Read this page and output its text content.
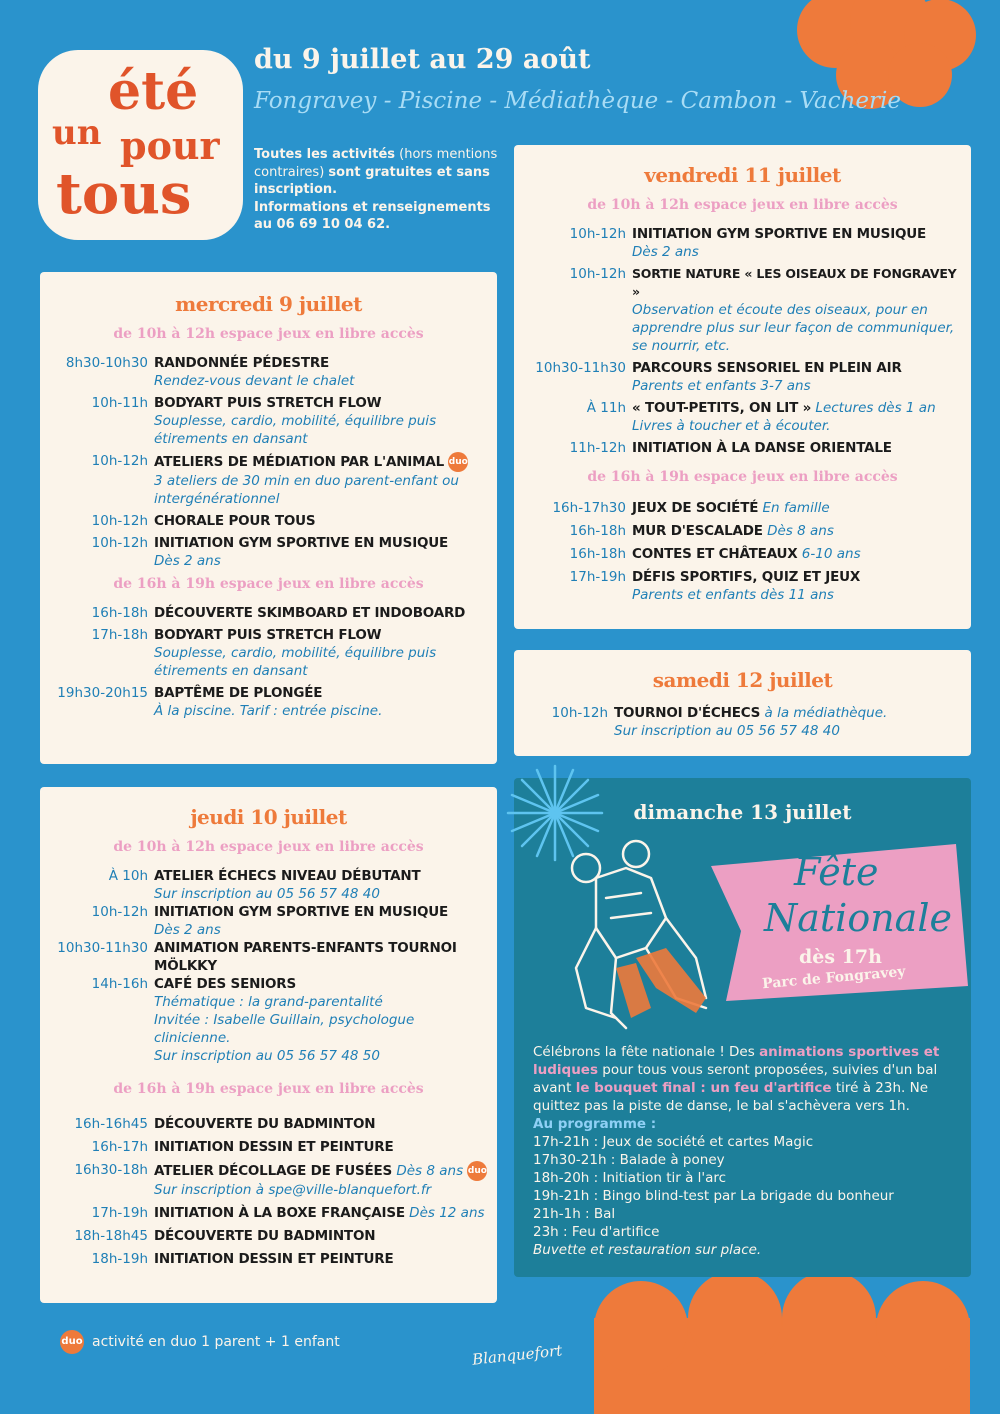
été
un pour
tous
du 9 juillet au 29 août
Fongravey - Piscine - Médiathèque - Cambon - Vacherie
Toutes les activités (hors mentions contraires) sont gratuites et sans inscription.
Informations et renseignements au 06 69 10 04 62.
mercredi 9 juillet
de 10h à 12h espace jeux en libre accès
8h30-10h30 RANDONNÉE PÉDESTRE
Rendez-vous devant le chalet
10h-11h BODYART PUIS STRETCH FLOW
Souplesse, cardio, mobilité, équilibre puis étirements en dansant
10h-12h ATELIERS DE MÉDIATION PAR L'ANIMAL duo
3 ateliers de 30 min en duo parent-enfant ou intergénérationnel
10h-12h CHORALE POUR TOUS
10h-12h INITIATION GYM SPORTIVE EN MUSIQUE
Dès 2 ans
de 16h à 19h espace jeux en libre accès
16h-18h DÉCOUVERTE SKIMBOARD ET INDOBOARD
17h-18h BODYART PUIS STRETCH FLOW
Souplesse, cardio, mobilité, équilibre puis étirements en dansant
19h30-20h15 BAPTÊME DE PLONGÉE
À la piscine. Tarif : entrée piscine.
jeudi 10 juillet
de 10h à 12h espace jeux en libre accès
À 10h ATELIER ÉCHECS NIVEAU DÉBUTANT
Sur inscription au 05 56 57 48 40
10h-12h INITIATION GYM SPORTIVE EN MUSIQUE
Dès 2 ans
10h30-11h30 ANIMATION PARENTS-ENFANTS TOURNOI MÖLKKY
14h-16h CAFÉ DES SENIORS
Thématique : la grand-parentalité
Invitée : Isabelle Guillain, psychologue clinicienne.
Sur inscription au 05 56 57 48 50
de 16h à 19h espace jeux en libre accès
16h-16h45 DÉCOUVERTE DU BADMINTON
16h-17h INITIATION DESSIN ET PEINTURE
16h30-18h ATELIER DÉCOLLAGE DE FUSÉES Dès 8 ans duo
Sur inscription à spe@ville-blanquefort.fr
17h-19h INITIATION À LA BOXE FRANÇAISE Dès 12 ans
18h-18h45 DÉCOUVERTE DU BADMINTON
18h-19h INITIATION DESSIN ET PEINTURE
vendredi 11 juillet
de 10h à 12h espace jeux en libre accès
10h-12h INITIATION GYM SPORTIVE EN MUSIQUE
Dès 2 ans
10h-12h SORTIE NATURE « LES OISEAUX DE FONGRAVEY »
Observation et écoute des oiseaux, pour en apprendre plus sur leur façon de communiquer, se nourrir, etc.
10h30-11h30 PARCOURS SENSORIEL EN PLEIN AIR
Parents et enfants 3-7 ans
À 11h « TOUT-PETITS, ON LIT » Lectures dès 1 an
Livres à toucher et à écouter.
11h-12h INITIATION À LA DANSE ORIENTALE
de 16h à 19h espace jeux en libre accès
16h-17h30 JEUX DE SOCIÉTÉ En famille
16h-18h MUR D'ESCALADE Dès 8 ans
16h-18h CONTES ET CHÂTEAUX 6-10 ans
17h-19h DÉFIS SPORTIFS, QUIZ ET JEUX
Parents et enfants dès 11 ans
samedi 12 juillet
10h-12h TOURNOI D'ÉCHECS à la médiathèque.
Sur inscription au 05 56 57 48 40
dimanche 13 juillet
Fête
Nationale
dès 17h
Parc de Fongravey
Célébrons la fête nationale ! Des animations sportives et ludiques pour tous vous seront proposées, suivies d'un bal avant le bouquet final : un feu d'artifice tiré à 23h. Ne quittez pas la piste de danse, le bal s'achèvera vers 1h.
Au programme :
17h-21h : Jeux de société et cartes Magic
17h30-21h : Balade à poney
18h-20h : Initiation tir à l'arc
19h-21h : Bingo blind-test par La brigade du bonheur
21h-1h : Bal
23h : Feu d'artifice
Buvette et restauration sur place.
duo activité en duo 1 parent + 1 enfant	Blanquefort
